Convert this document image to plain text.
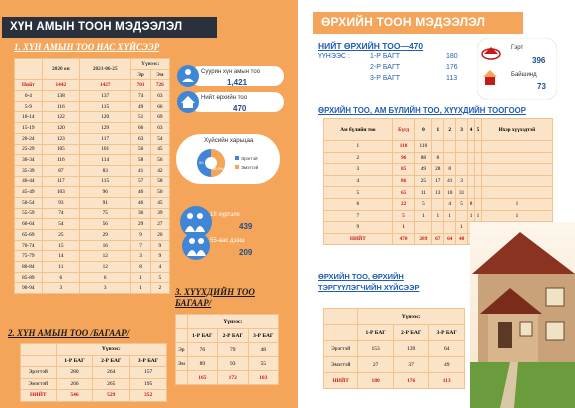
ХҮН АМЫН ТООН МЭДЭЭЛЭЛ
1. ХҮН АМЫН ТОО НАС ХҮЙСЭЭР
	2020 он	2021-06-25	Үүнээс:	
			Эр	Эм
Нийт	1442	1427	701	726
0-4	138	137	74	63
5-9	116	115	49	66
10-14	122	120	51	69
15-19	120	129	66	63
20-24	123	117	63	54
25-29	105	101	56	45
30-34	116	114	58	56
35-39	87	83	41	42
40-44	117	115	57	58
45-49	103	96	46	50
50-54	93	91	46	45
55-59	74	75	36	39
60-64	54	56	29	27
65-69	25	29	9	20
70-74	15	16	7	9
75-79	14	12	3	9
80-84	11	12	8	4
85-89	6	6	1	5
90-94	3	3	1	2
Суурин хүн амын тоо
1,421
Нийт өрхийн тоо
470
Хүйсийн харьцаа
50.7%
49.3%
Эрэгтэй
Эмэгтэй
18 хүртэлх
439
55-аас дээш
209
2. ХҮН АМЫН ТОО /БАГААР/
	Үүнээс:		
	1-Р БАГ	2-Р БАГ	3-Р БАГ
Эрэгтэй	280	264	157
Эмэгтэй	266	265	195
НИЙТ	546	529	352
3. ХҮҮХДИЙН ТОО
БАГААР/
	Үүнээс:		
	1-Р БАГ	2-Р БАГ	3-Р БАГ
Эр	76	79	48
Эм	89	93	55
	165	172	103
ӨРХИЙН ТООН МЭДЭЭЛЭЛ
НИЙТ ӨРХИЙН ТОО—470
ҮҮНЭЭС :	1-Р БАГТ	180
2-Р БАГТ	176
3-Р БАГТ	113
Гэрт
396
Байшинд
73
ӨРХИЙН ТОО, АМ БҮЛИЙН ТОО, ХҮҮХДИЙН ТООГООР
Ам бүлийн тоо	Бүгд	0	1	2	3	4	5	Ихэр хүүхэдтэй
1	110	110						
2	96	88	8					
3	85	49	28	8				
4	86	25	17	41	3			
5	65	11	13	10	31			
6	22	5		4	5	8		1
7	5	1	1	1		1	1	1
9	1				1			
НИЙТ	470	289	67	64	40			
ӨРХИЙН ТОО, ӨРХИЙН
ТЭРГҮҮЛЭГЧИЙН ХҮЙСЭЭР
	Үүнээс:		
	1-Р БАГ	2-Р БАГ	3-Р БАГ
Эрэгтэй	153	139	64
Эмэгтэй	27	37	49
НИЙТ	180	176	113
